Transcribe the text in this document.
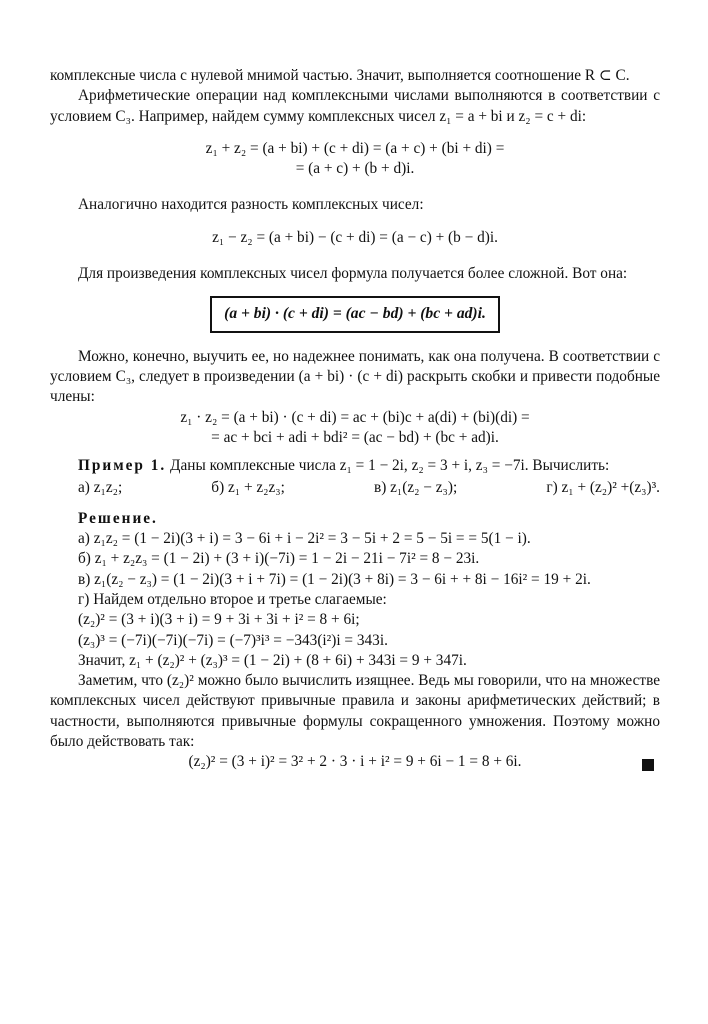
комплексные числа с нулевой мнимой частью. Значит, выполняется соотношение R ⊂ C.

Арифметические операции над комплексными числами выполняются в соответствии с условием С₃. Например, найдем сумму комплексных чисел z₁ = a + bi и z₂ = c + di:

z₁ + z₂ = (a + bi) + (c + di) = (a + c) + (bi + di) =

= (a + c) + (b + d)i.

Аналогично находится разность комплексных чисел:

z₁ − z₂ = (a + bi) − (c + di) = (a − c) + (b − d)i.

Для произведения комплексных чисел формула получается более сложной. Вот она:

(a + bi) · (c + di) = (ac − bd) + (bc + ad)i.

Можно, конечно, выучить ее, но надежнее понимать, как она получена. В соответствии с условием С₃, следует в произведении (a + bi) · (c + di) раскрыть скобки и привести подобные члены:

z₁ · z₂ = (a + bi) · (c + di) = ac + (bi)c + a(di) + (bi)(di) =

= ac + bci + adi + bdi² = (ac − bd) + (bc + ad)i.

Пример 1. Даны комплексные числа z₁ = 1 − 2i, z₂ = 3 + i, z₃ = −7i. Вычислить:

а) z₁z₂;	б) z₁ + z₂z₃;	в) z₁(z₂ − z₃);	г) z₁ + (z₂)² +(z₃)³.

Решение.

а) z₁z₂ = (1 − 2i)(3 + i) = 3 − 6i + i − 2i² = 3 − 5i + 2 = 5 − 5i = = 5(1 − i).

б) z₁ + z₂z₃ = (1 − 2i) + (3 + i)(−7i) = 1 − 2i − 21i − 7i² = 8 − 23i.

в) z₁(z₂ − z₃) = (1 − 2i)(3 + i + 7i) = (1 − 2i)(3 + 8i) = 3 − 6i + + 8i − 16i² = 19 + 2i.

г) Найдем отдельно второе и третье слагаемые:

(z₂)² = (3 + i)(3 + i) = 9 + 3i + 3i + i² = 8 + 6i;

(z₃)³ = (−7i)(−7i)(−7i) = (−7)³i³ = −343(i²)i = 343i.

Значит, z₁ + (z₂)² + (z₃)³ = (1 − 2i) + (8 + 6i) + 343i = 9 + 347i.

Заметим, что (z₂)² можно было вычислить изящнее. Ведь мы говорили, что на множестве комплексных чисел действуют привычные правила и законы арифметических действий; в частности, выполняются привычные формулы сокращенного умножения. Поэтому можно было действовать так:

(z₂)² = (3 + i)² = 3² + 2 · 3 · i + i² = 9 + 6i − 1 = 8 + 6i.
